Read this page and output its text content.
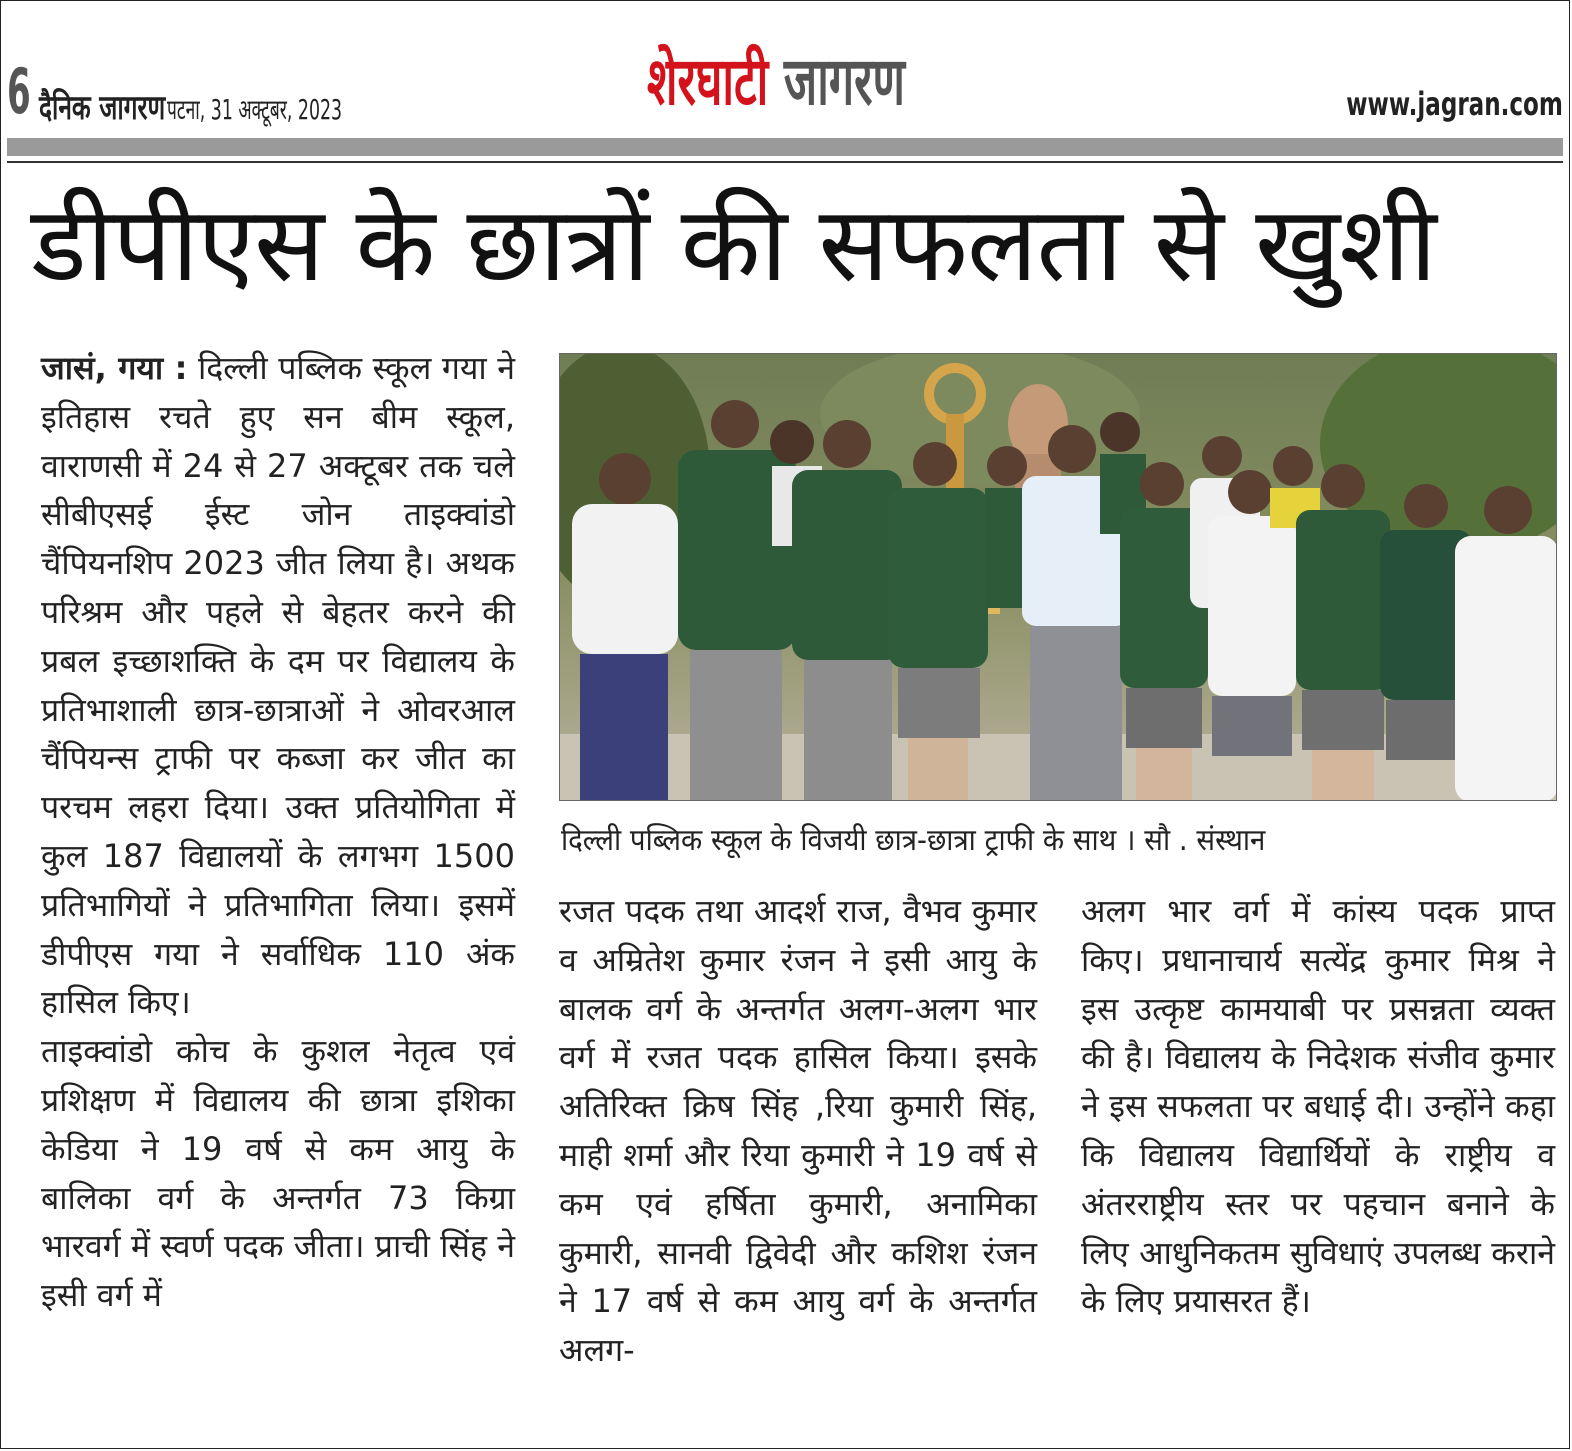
6 दैनिक जागरण पटना, 31 अक्टूबर, 2023	शेरघाटी जागरण	www.jagran.com
डीपीएस के छात्रों की सफलता से खुशी

जासं, गया : दिल्ली पब्लिक स्कूल गया ने इतिहास रचते हुए सन बीम स्कूल, वाराणसी में 24 से 27 अक्टूबर तक चले सीबीएसई ईस्ट जोन ताइक्वांडो चैंपियनशिप 2023 जीत लिया है। अथक परिश्रम और पहले से बेहतर करने की प्रबल इच्छाशक्ति के दम पर विद्यालय के प्रतिभाशाली छात्र-छात्राओं ने ओवरआल चैंपियन्स ट्राफी पर कब्जा कर जीत का परचम लहरा दिया। उक्त प्रतियोगिता में कुल 187 विद्यालयों के लगभग 1500 प्रतिभागियों ने प्रतिभागिता लिया। इसमें डीपीएस गया ने सर्वाधिक 110 अंक हासिल किए।

ताइक्वांडो कोच के कुशल नेतृत्व एवं प्रशिक्षण में विद्यालय की छात्रा इशिका केडिया ने 19 वर्ष से कम आयु के बालिका वर्ग के अन्तर्गत 73 किग्रा भारवर्ग में स्वर्ण पदक जीता। प्राची सिंह ने इसी वर्ग में

दिल्ली पब्लिक स्कूल के विजयी छात्र-छात्रा ट्राफी के साथ । सौ . संस्थान

रजत पदक तथा आदर्श राज, वैभव कुमार व अम्रितेश कुमार रंजन ने इसी आयु के बालक वर्ग के अन्तर्गत अलग-अलग भार वर्ग में रजत पदक हासिल किया। इसके अतिरिक्त क्रिष सिंह ,रिया कुमारी सिंह, माही शर्मा और रिया कुमारी ने 19 वर्ष से कम एवं हर्षिता कुमारी, अनामिका कुमारी, सानवी द्विवेदी और कशिश रंजन ने 17 वर्ष से कम आयु वर्ग के अन्तर्गत अलग-

अलग भार वर्ग में कांस्य पदक प्राप्त किए। प्रधानाचार्य सत्येंद्र कुमार मिश्र ने इस उत्कृष्ट कामयाबी पर प्रसन्नता व्यक्त की है। विद्यालय के निदेशक संजीव कुमार ने इस सफलता पर बधाई दी। उन्होंने कहा कि विद्यालय विद्यार्थियों के राष्ट्रीय व अंतरराष्ट्रीय स्तर पर पहचान बनाने के लिए आधुनिकतम सुविधाएं उपलब्ध कराने के लिए प्रयासरत हैं।
